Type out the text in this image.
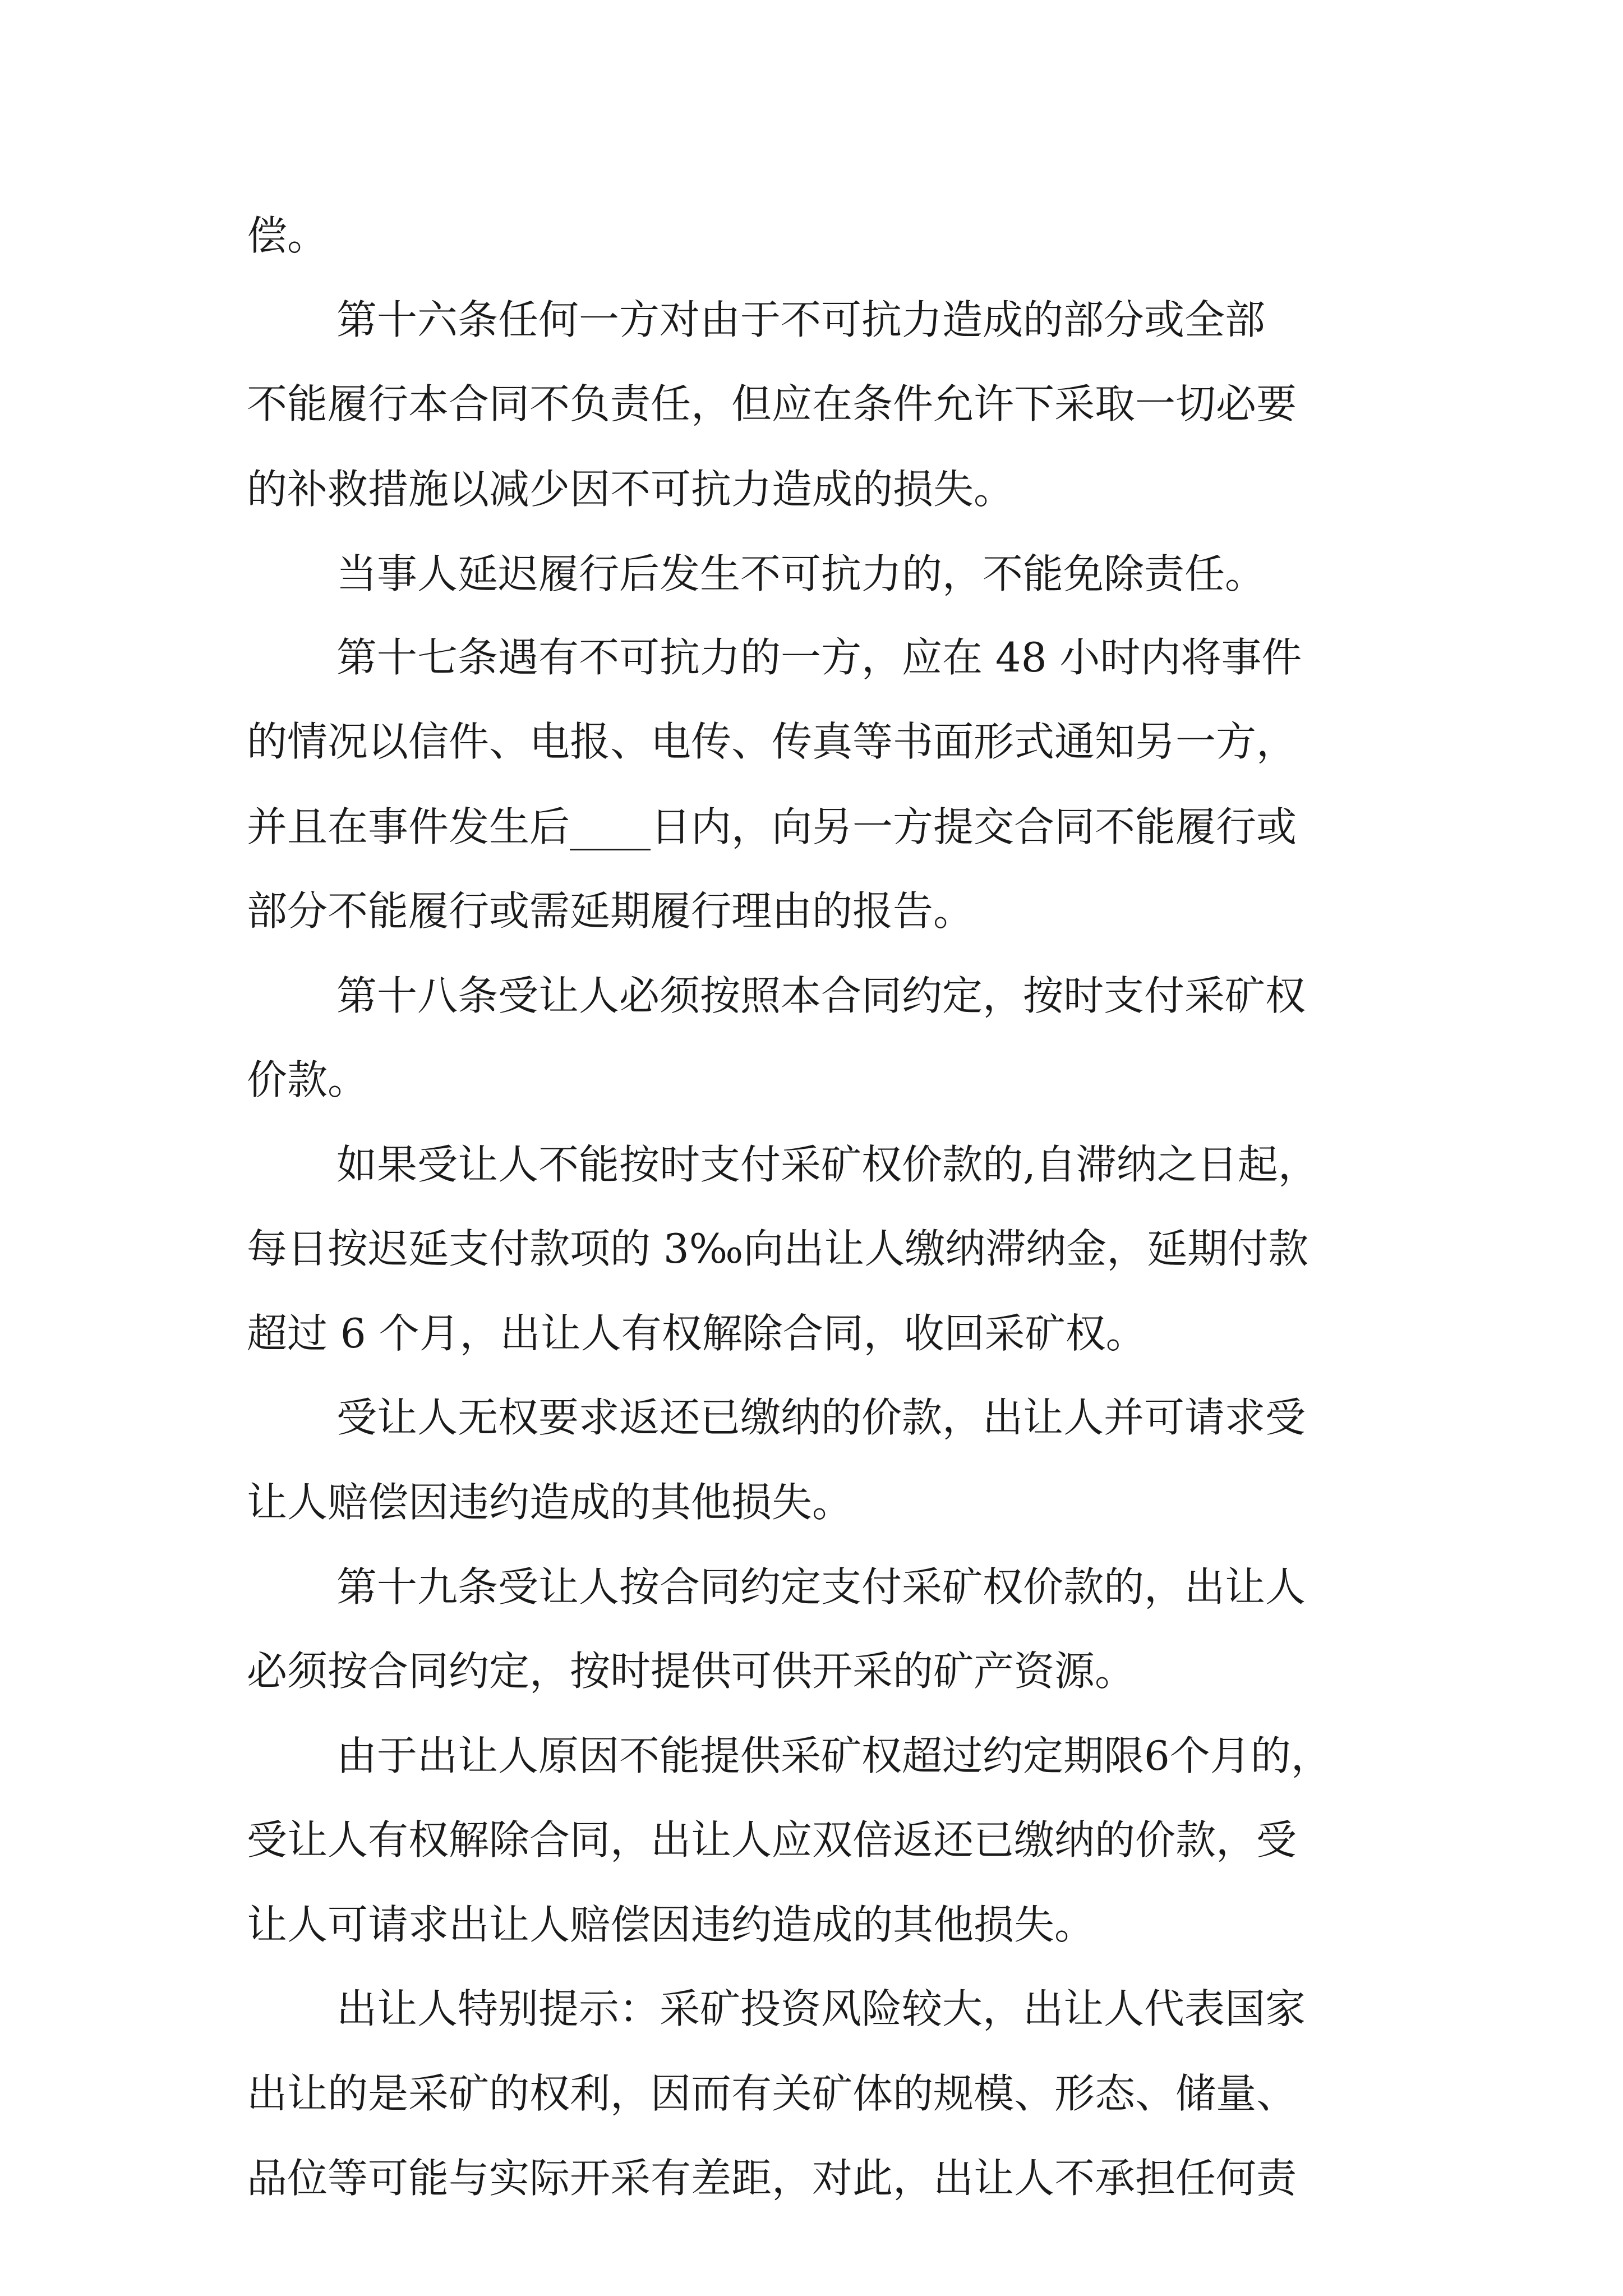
偿。

第十六条任何一方对由于不可抗力造成的部分或全部

不能履行本合同不负责任，但应在条件允许下采取一切必要

的补救措施以减少因不可抗力造成的损失。

当事人延迟履行后发生不可抗力的，不能免除责任。

第十七条遇有不可抗力的一方，应在 48 小时内将事件

的情况以信件、电报、电传、传真等书面形式通知另一方，

并且在事件发生后____日内，向另一方提交合同不能履行或

部分不能履行或需延期履行理由的报告。

第十八条受让人必须按照本合同约定，按时支付采矿权

价款。

如果受让人不能按时支付采矿权价款的,自滞纳之日起，

每日按迟延支付款项的 3‰向出让人缴纳滞纳金，延期付款

超过 6 个月，出让人有权解除合同，收回采矿权。

受让人无权要求返还已缴纳的价款，出让人并可请求受

让人赔偿因违约造成的其他损失。

第十九条受让人按合同约定支付采矿权价款的，出让人

必须按合同约定，按时提供可供开采的矿产资源。

由于出让人原因不能提供采矿权超过约定期限6个月的，

受让人有权解除合同，出让人应双倍返还已缴纳的价款，受

让人可请求出让人赔偿因违约造成的其他损失。

出让人特别提示：采矿投资风险较大，出让人代表国家

出让的是采矿的权利，因而有关矿体的规模、形态、储量、

品位等可能与实际开采有差距，对此，出让人不承担任何责
